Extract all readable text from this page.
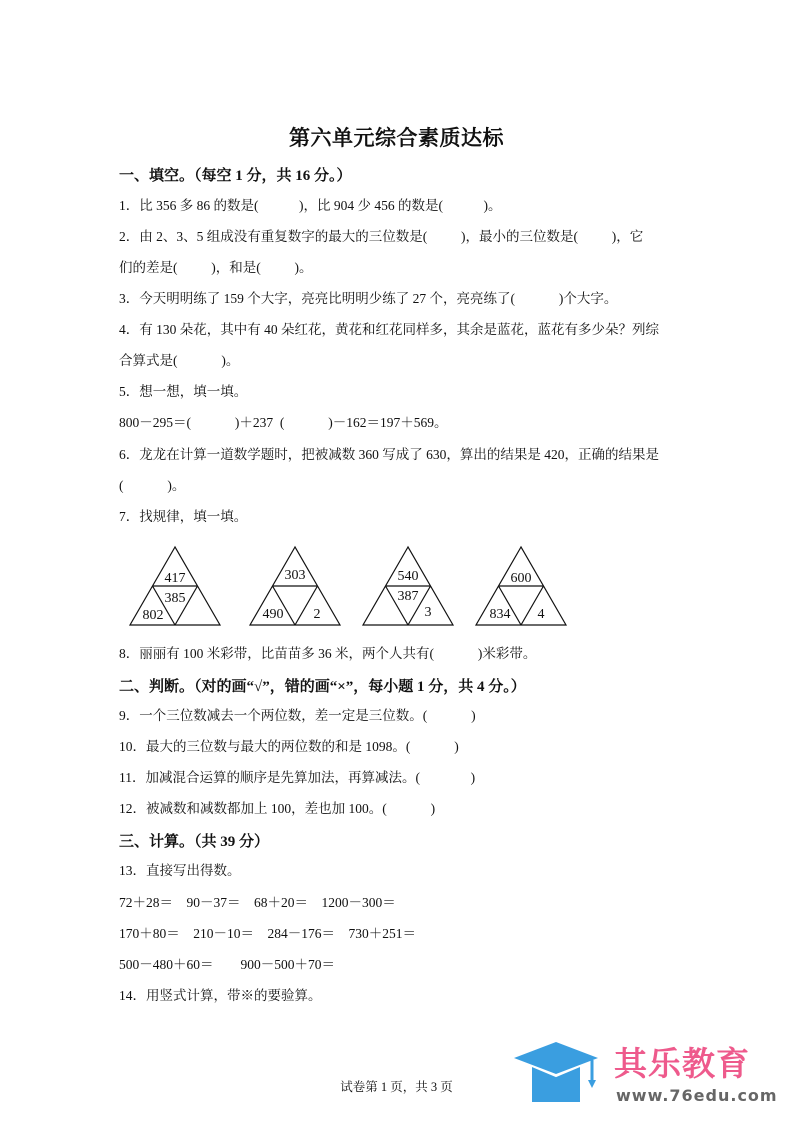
第六单元综合素质达标
一、填空。（每空 1 分，共 16 分。）
1．比 356 多 86 的数是(            )，比 904 少 456 的数是(            )。
2．由 2、3、5 组成没有重复数字的最大的三位数是(          )，最小的三位数是(          )，它
们的差是(          )，和是(          )。
3．今天明明练了 159 个大字，亮亮比明明少练了 27 个，亮亮练了(             )个大字。
4．有 130 朵花，其中有 40 朵红花，黄花和红花同样多，其余是蓝花，蓝花有多少朵？列综
合算式是(             )。
5．想一想，填一填。
800－295＝(             )＋237  (             )－162＝197＋569。
6．龙龙在计算一道数学题时，把被减数 360 写成了 630，算出的结果是 420，正确的结果是
(             )。
7．找规律，填一填。
417
385
802
303
490 2
540
387
3
600
834 4
8．丽丽有 100 米彩带，比苗苗多 36 米，两个人共有(             )米彩带。
二、判断。（对的画“√”，错的画“×”，每小题 1 分，共 4 分。）
9．一个三位数减去一个两位数，差一定是三位数。(             )
10．最大的三位数与最大的两位数的和是 1098。(             )
11．加减混合运算的顺序是先算加法，再算减法。(               )
12．被减数和减数都加上 100，差也加 100。(             )
三、计算。（共 39 分）
13．直接写出得数。
72＋28＝    90－37＝    68＋20＝    1200－300＝
170＋80＝    210－10＝    284－176＝    730＋251＝
500－480＋60＝        900－500＋70＝
14．用竖式计算，带※的要验算。
试卷第 1 页，共 3 页
其乐教育
www.76edu.com
